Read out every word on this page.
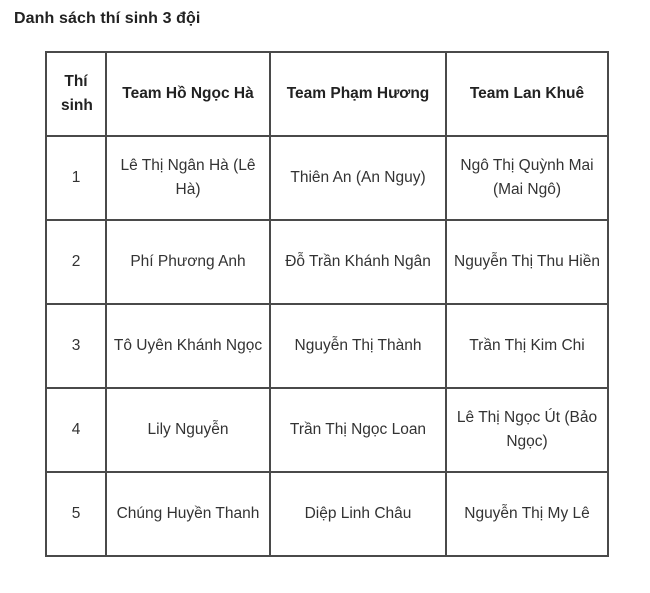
Danh sách thí sinh 3 đội
Thí sinh	Team Hồ Ngọc Hà	Team Phạm Hương	Team Lan Khuê
1	Lê Thị Ngân Hà (Lê Hà)	Thiên An (An Nguy)	Ngô Thị Quỳnh Mai (Mai Ngô)
2	Phí Phương Anh	Đỗ Trần Khánh Ngân	Nguyễn Thị Thu Hiền
3	Tô Uyên Khánh Ngọc	Nguyễn Thị Thành	Trần Thị Kim Chi
4	Lily Nguyễn	Trần Thị Ngọc Loan	Lê Thị Ngọc Út (Bảo Ngọc)
5	Chúng Huyền Thanh	Diệp Linh Châu	Nguyễn Thị My Lê
